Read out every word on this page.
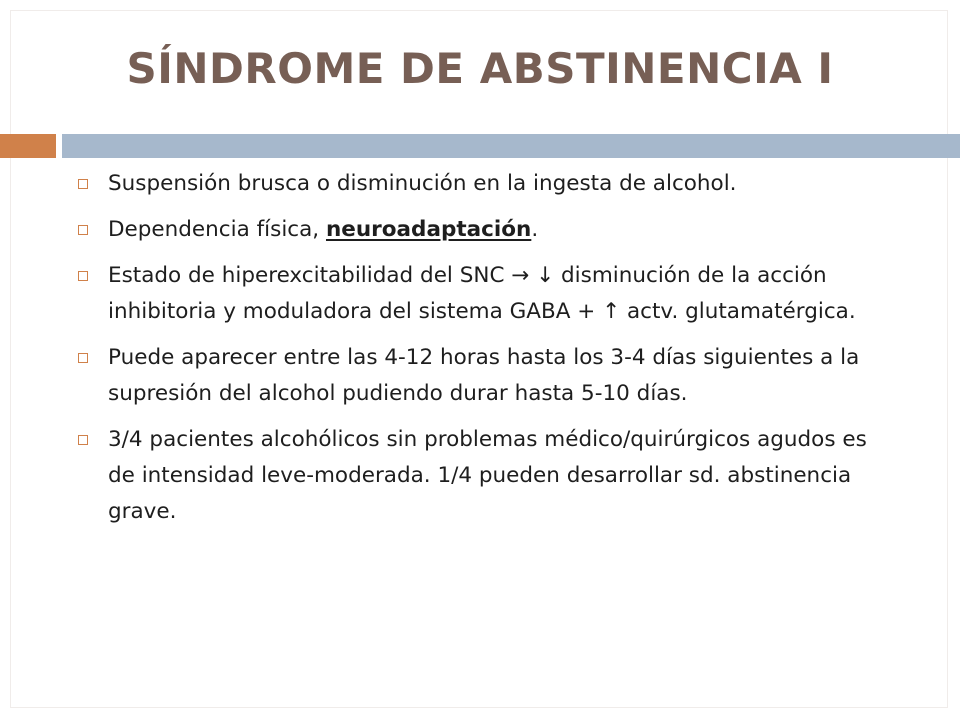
SÍNDROME DE ABSTINENCIA I
Suspensión brusca o disminución en la ingesta de alcohol.
Dependencia física, neuroadaptación.
Estado de hiperexcitabilidad del SNC → ↓ disminución de la acción inhibitoria y moduladora del sistema GABA + ↑ actv. glutamatérgica.
Puede aparecer entre las 4-12 horas hasta los 3-4 días siguientes a la supresión del alcohol pudiendo durar hasta 5-10 días.
3/4 pacientes alcohólicos sin problemas médico/quirúrgicos agudos es de intensidad leve-moderada. 1/4 pueden desarrollar sd. abstinencia grave.
